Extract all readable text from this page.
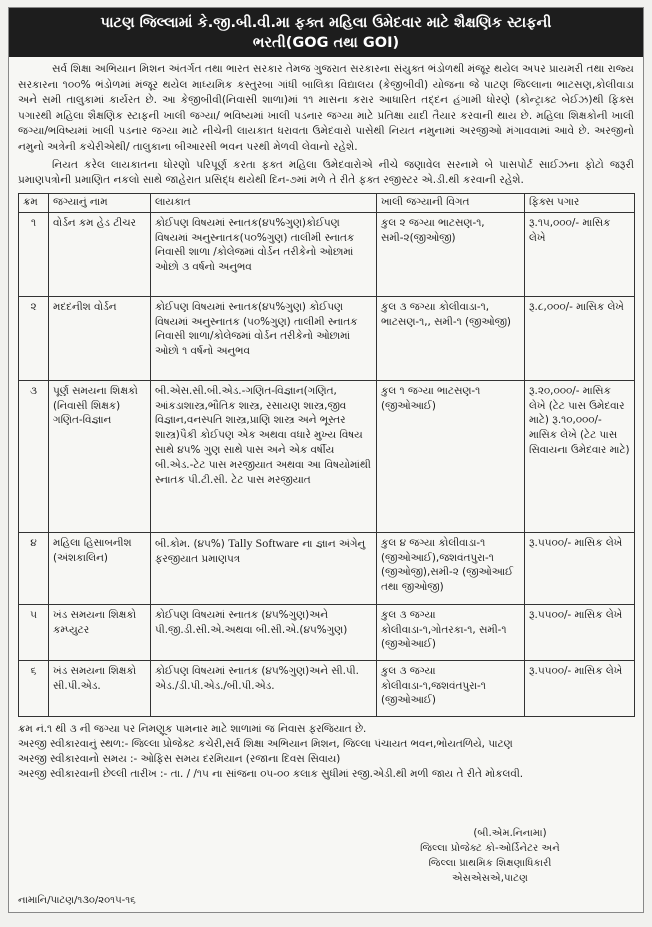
પાટણ જિલ્લામાં કે.જી.બી.વી.મા ફક્ત મહિલા ઉમેદવાર માટે શૈક્ષણિક સ્ટાફની
ભરતી(GOG તથા GOI)

સર્વ શિક્ષા અભિયાન મિશન અંતર્ગત તથા ભારત સરકાર તેમજ ગુજરાત સરકારના સંયુક્ત ભંડોળથી મંજૂર થયેલ અપર પ્રાયમરી તથા રાજ્ય સરકારના ૧૦૦% ભંડોળમાં મંજૂર થયેલ માધ્યમિક કસ્તુરબા ગાંધી બાલિકા વિદ્યાલય (કેજીબીવી) યોજના જે પાટણ જિલ્લાના ભાટસણ,કોલીવાડા અને સમી તાલુકામાં કાર્યરત છે. આ કેજીબીવી(નિવાસી શાળા)માં ૧૧ માસના કરાર આધારિત તદ્દન હંગામી ધોરણે (કોન્ટ્રાક્ટ બેઈઝ)થી ફિક્સ પગારથી મહિલા શૈક્ષણિક સ્ટાફની ખાલી જગ્યા/ ભવિષ્યમાં ખાલી પડનાર જગ્યા માટે પ્રતિક્ષા યાદી તૈયાર કરવાની થાય છે. મહિલા શિક્ષકોની ખાલી જગ્યા/ભવિષ્યમાં ખાલી પડનાર જગ્યા માટે નીચેની લાયકાત ધરાવતા ઉમેદવારો પાસેથી નિયત નમુનામાં અરજીઓ મંગાવવામાં આવે છે. અરજીનો નમુનો અત્રેની કચેરીએથી/ તાલુકાના બીઆરસી ભવન પરથી મેળવી લેવાનો રહેશે.

નિયત કરેલ લાયકાતના ધોરણો પરિપૂર્ણ કરતા ફક્ત મહિલા ઉમેદવારોએ નીચે જણાવેલ સરનામે બે પાસપોર્ટ સાઈઝના ફોટો જરૂરી પ્રમાણપત્રોની પ્રમાણિત નકલો સાથે જાહેરાત પ્રસિદ્ધ થયેથી દિન-૭માં મળે તે રીતે ફક્ત રજીસ્ટર એ.ડી.થી કરવાની રહેશે.

ક્રમ	જગ્યાનું નામ	લાયકાત	ખાલી જગ્યાની વિગત	ફિક્સ પગાર
૧	વોર્ડન કમ હેડ ટીચર	કોઈપણ વિષયમાં સ્નાતક(૪૫%ગુણ)કોઈપણ વિષયમાં અનુસ્નાતક(૫૦%ગુણ) તાલીમી સ્નાતક નિવાસી શાળા /કોલેજમાં વોર્ડન તરીકેનો ઓછામાં ઓછો ૩ વર્ષનો અનુભવ	કુલ ૨ જગ્યા ભાટસણ-૧, સમી-૨(જીઓજી)	રૂ.૧૫,૦૦૦/- માસિક લેખે
૨	મદદનીશ વોર્ડન	કોઈપણ વિષયમાં સ્નાતક(૪૫%ગુણ) કોઈપણ વિષયમાં અનુસ્નાતક (૫૦%ગુણ) તાલીમી સ્નાતક નિવાસી શાળા/કોલેજમાં વોર્ડન તરીકેનો ઓછામાં ઓછો ૧ વર્ષનો અનુભવ	કુલ ૩ જગ્યા કોલીવાડા-૧, ભાટસણ-૧,, સમી-૧ (જીઓજી)	રૂ.૮,૦૦૦/- માસિક લેખે
૩	પૂર્ણ સમયના શિક્ષકો (નિવાસી શિક્ષક) ગણિત-વિજ્ઞાન	બી.એસ.સી.બી.એડ.-ગણિત-વિજ્ઞાન(ગણિત, આંકડાશાસ્ત્ર,ભૌતિક શાસ્ત્ર, રસાયણ શાસ્ત્ર,જીવ વિજ્ઞાન,વનસ્પતિ શાસ્ત્ર,પ્રાણિ શાસ્ત્ર અને ભૂસ્તર શાસ્ત્ર)પૈકી કોઈપણ એક અથવા વધારે મુખ્ય વિષય સાથે ૪૫% ગુણ સાથે પાસ અને એક વર્ષીય બી.એડ.-ટેટ પાસ મરજીયાત અથવા અ। વિષયોમાંથી સ્નાતક પી.ટી.સી. ટેટ પાસ મરજીયાત	કુલ ૧ જગ્યા ભાટસણ-૧ (જીઓઆઈ)	રૂ.૨૦,૦૦૦/- માસિક લેખે (ટેટ પાસ ઉમેદવાર માટે) રૂ.૧૦,૦૦૦/- માસિક લેખે (ટેટ પાસ સિવાયના ઉમેદવાર માટે)
૪	મહિલા હિસાબનીશ (અંશકાલિન)	બી.કોમ. (૪૫%) Tally Software ના જ્ઞાન અંગેનુ ફરજીયાત પ્રમાણપત્ર	કુલ ૪ જગ્યા કોલીવાડા-૧ (જીઓઆઈ),જશવંતપુરા-૧ (જીઓજી),સમી-૨ (જીઓઆઈ તથા જીઓજી)	રૂ.૫૫૦૦/- માસિક લેખે
૫	ખંડ સમયના શિક્ષકો કમ્પ્યુટર	કોઈપણ વિષયમાં સ્નાતક (૪૫%ગુણ)અને પી.જી.ડી.સી.એ.અથવા બી.સી.એ.(૪૫%ગુણ)	કુલ ૩ જગ્યા કોલીવાડા-૧,ગોતરકા-૧, સમી-૧ (જીઓઆઈ)	રૂ.૫૫૦૦/- માસિક લેખે
૬	ખંડ સમયના શિક્ષકો સી.પી.એડ.	કોઈપણ વિષયમાં સ્નાતક (૪૫%ગુણ)અને સી.પી. એડ./ડી.પી.એડ./બી.પી.એડ.	કુલ ૩ જગ્યા કોલીવાડા-૧,જશવંતપુરા-૧ (જીઓઆઈ)	રૂ.૫૫૦૦/- માસિક લેખે
ક્રમ નં.૧ થી ૩ ની જગ્યા પર નિમણૂક પામનાર માટે શાળામાં જ નિવાસ ફરજિયાત છે.
અરજી સ્વીકારવાનું સ્થળ:- જિલ્લા પ્રોજેક્ટ કચેરી,સર્વ શિક્ષા અભિયાન મિશન, જિલ્લા પંચાયત ભવન,ભોયતળિયે, પાટણ
અરજી સ્વીકારવાનો સમય :- ઓફિસ સમય દરમિયાન (રજાના દિવસ સિવાય)
અરજી સ્વીકારવાની છેલ્લી તારીખ :- તા. / /૧૫ ના સાંજના ૦૫-૦૦ કલાક સુધીમાં રજી.એડી.થી મળી જાય તે રીતે મોકલવી.
(બી.એમ.નિનામા)
જિલ્લા પ્રોજેક્ટ કો-ઓર્ડિનેટર અને
જિલ્લા પ્રાથમિક શિક્ષણાધિકારી
એસએસએ,પાટણ
નામાનિ/પાટણ/૧૩૦/૨૦૧૫-૧૬
